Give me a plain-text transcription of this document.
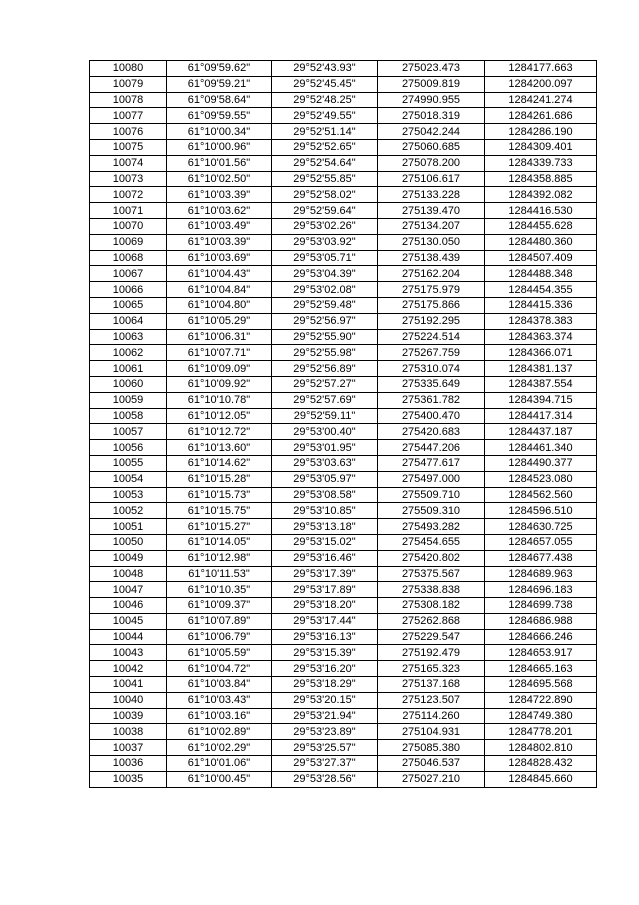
10080	61°09'59.62"	29°52'43.93"	275023.473	1284177.663
10079	61°09'59.21"	29°52'45.45"	275009.819	1284200.097
10078	61°09'58.64"	29°52'48.25"	274990.955	1284241.274
10077	61°09'59.55"	29°52'49.55"	275018.319	1284261.686
10076	61°10'00.34"	29°52'51.14"	275042.244	1284286.190
10075	61°10'00.96"	29°52'52.65"	275060.685	1284309.401
10074	61°10'01.56"	29°52'54.64"	275078.200	1284339.733
10073	61°10'02.50"	29°52'55.85"	275106.617	1284358.885
10072	61°10'03.39"	29°52'58.02"	275133.228	1284392.082
10071	61°10'03.62"	29°52'59.64"	275139.470	1284416.530
10070	61°10'03.49"	29°53'02.26"	275134.207	1284455.628
10069	61°10'03.39"	29°53'03.92"	275130.050	1284480.360
10068	61°10'03.69"	29°53'05.71"	275138.439	1284507.409
10067	61°10'04.43"	29°53'04.39"	275162.204	1284488.348
10066	61°10'04.84"	29°53'02.08"	275175.979	1284454.355
10065	61°10'04.80"	29°52'59.48"	275175.866	1284415.336
10064	61°10'05.29"	29°52'56.97"	275192.295	1284378.383
10063	61°10'06.31"	29°52'55.90"	275224.514	1284363.374
10062	61°10'07.71"	29°52'55.98"	275267.759	1284366.071
10061	61°10'09.09"	29°52'56.89"	275310.074	1284381.137
10060	61°10'09.92"	29°52'57.27"	275335.649	1284387.554
10059	61°10'10.78"	29°52'57.69"	275361.782	1284394.715
10058	61°10'12.05"	29°52'59.11"	275400.470	1284417.314
10057	61°10'12.72"	29°53'00.40"	275420.683	1284437.187
10056	61°10'13.60"	29°53'01.95"	275447.206	1284461.340
10055	61°10'14.62"	29°53'03.63"	275477.617	1284490.377
10054	61°10'15.28"	29°53'05.97"	275497.000	1284523.080
10053	61°10'15.73"	29°53'08.58"	275509.710	1284562.560
10052	61°10'15.75"	29°53'10.85"	275509.310	1284596.510
10051	61°10'15.27"	29°53'13.18"	275493.282	1284630.725
10050	61°10'14.05"	29°53'15.02"	275454.655	1284657.055
10049	61°10'12.98"	29°53'16.46"	275420.802	1284677.438
10048	61°10'11.53"	29°53'17.39"	275375.567	1284689.963
10047	61°10'10.35"	29°53'17.89"	275338.838	1284696.183
10046	61°10'09.37"	29°53'18.20"	275308.182	1284699.738
10045	61°10'07.89"	29°53'17.44"	275262.868	1284686.988
10044	61°10'06.79"	29°53'16.13"	275229.547	1284666.246
10043	61°10'05.59"	29°53'15.39"	275192.479	1284653.917
10042	61°10'04.72"	29°53'16.20"	275165.323	1284665.163
10041	61°10'03.84"	29°53'18.29"	275137.168	1284695.568
10040	61°10'03.43"	29°53'20.15"	275123.507	1284722.890
10039	61°10'03.16"	29°53'21.94"	275114.260	1284749.380
10038	61°10'02.89"	29°53'23.89"	275104.931	1284778.201
10037	61°10'02.29"	29°53'25.57"	275085.380	1284802.810
10036	61°10'01.06"	29°53'27.37"	275046.537	1284828.432
10035	61°10'00.45"	29°53'28.56"	275027.210	1284845.660
